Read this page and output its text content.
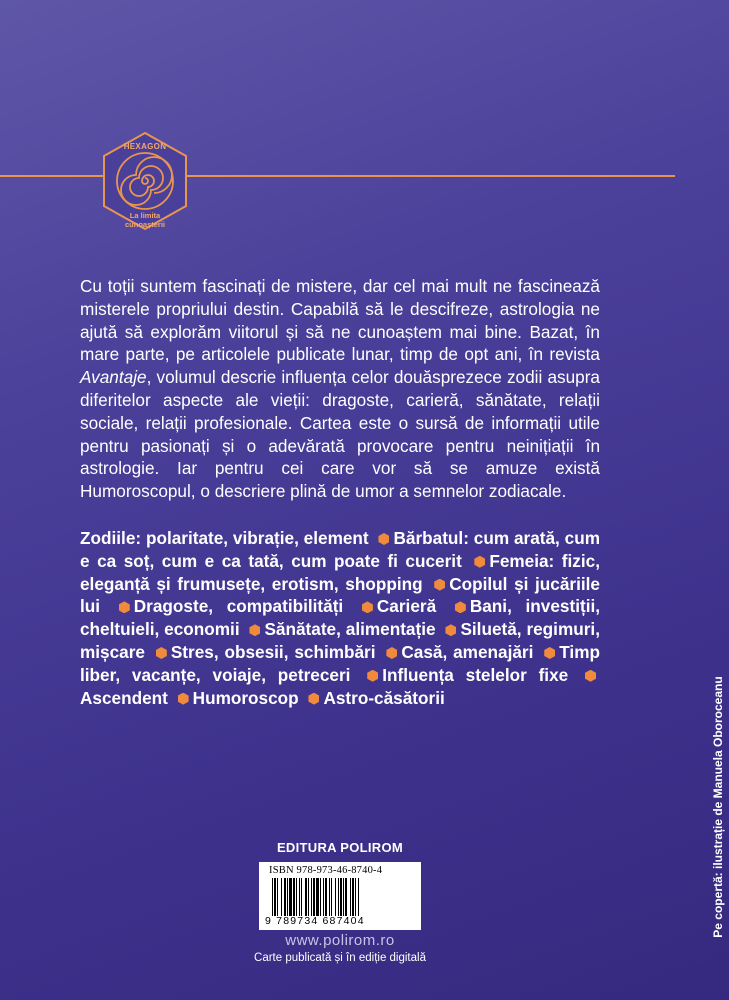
HEXAGON
La limita
cunoașterii

Cu toții suntem fascinați de mistere, dar cel mai mult ne fascinează misterele propriului destin. Capabilă să le descifreze, astrologia ne ajută să explorăm viitorul și să ne cunoaștem mai bine. Bazat, în mare parte, pe articolele publicate lunar, timp de opt ani, în revista Avantaje, volumul descrie influența celor douăsprezece zodii asupra diferitelor aspecte ale vieții: dragoste, carieră, sănătate, relații sociale, relații profesionale. Cartea este o sursă de informații utile pentru pasionați și o adevărată provocare pentru neinițiații în astrologie. Iar pentru cei care vor să se amuze există Humoroscopul, o descriere plină de umor a semnelor zodiacale.

Zodiile: polaritate, vibrație, element Bărbatul: cum arată, cum e ca soț, cum e ca tată, cum poate fi cucerit Femeia: fizic, eleganță și frumusețe, erotism, shopping Copilul și jucăriile lui Dragoste, compatibilități Carieră Bani, investiții, cheltuieli, economii Sănătate, alimentație Siluetă, regimuri, mișcare Stres, obsesii, schimbări Casă, amenajări Timp liber, vacanțe, voiaje, petreceri Influența stelelor fixe Ascendent Humoroscop Astro-căsătorii
EDITURA POLIROM
ISBN 978-973-46-8740-4
9 789734 687404
www.polirom.ro
Carte publicată și în ediție digitală
Pe copertă: ilustrație de Manuela Oboroceanu
